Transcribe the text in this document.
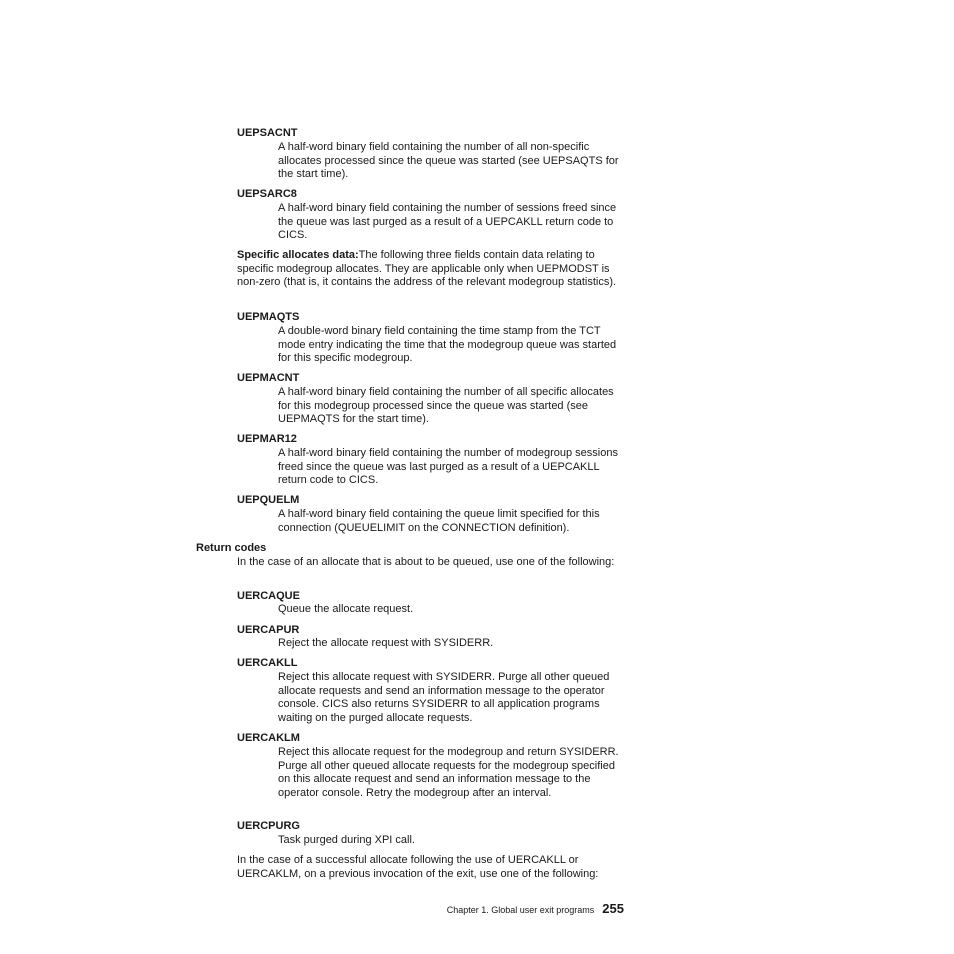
UEPSACNT
A half-word binary field containing the number of all non-specific allocates processed since the queue was started (see UEPSAQTS for the start time).
UEPSARC8
A half-word binary field containing the number of sessions freed since the queue was last purged as a result of a UEPCAKLL return code to CICS.
Specific allocates data:The following three fields contain data relating to specific modegroup allocates. They are applicable only when UEPMODST is non-zero (that is, it contains the address of the relevant modegroup statistics).
UEPMAQTS
A double-word binary field containing the time stamp from the TCT mode entry indicating the time that the modegroup queue was started for this specific modegroup.
UEPMACNT
A half-word binary field containing the number of all specific allocates for this modegroup processed since the queue was started (see UEPMAQTS for the start time).
UEPMAR12
A half-word binary field containing the number of modegroup sessions freed since the queue was last purged as a result of a UEPCAKLL return code to CICS.
UEPQUELM
A half-word binary field containing the queue limit specified for this connection (QUEUELIMIT on the CONNECTION definition).
Return codes
In the case of an allocate that is about to be queued, use one of the following:
UERCAQUE
Queue the allocate request.
UERCAPUR
Reject the allocate request with SYSIDERR.
UERCAKLL
Reject this allocate request with SYSIDERR. Purge all other queued allocate requests and send an information message to the operator console. CICS also returns SYSIDERR to all application programs waiting on the purged allocate requests.
UERCAKLM
Reject this allocate request for the modegroup and return SYSIDERR. Purge all other queued allocate requests for the modegroup specified on this allocate request and send an information message to the operator console. Retry the modegroup after an interval.
UERCPURG
Task purged during XPI call.
In the case of a successful allocate following the use of UERCAKLL or UERCAKLM, on a previous invocation of the exit, use one of the following:
Chapter 1. Global user exit programs 255
